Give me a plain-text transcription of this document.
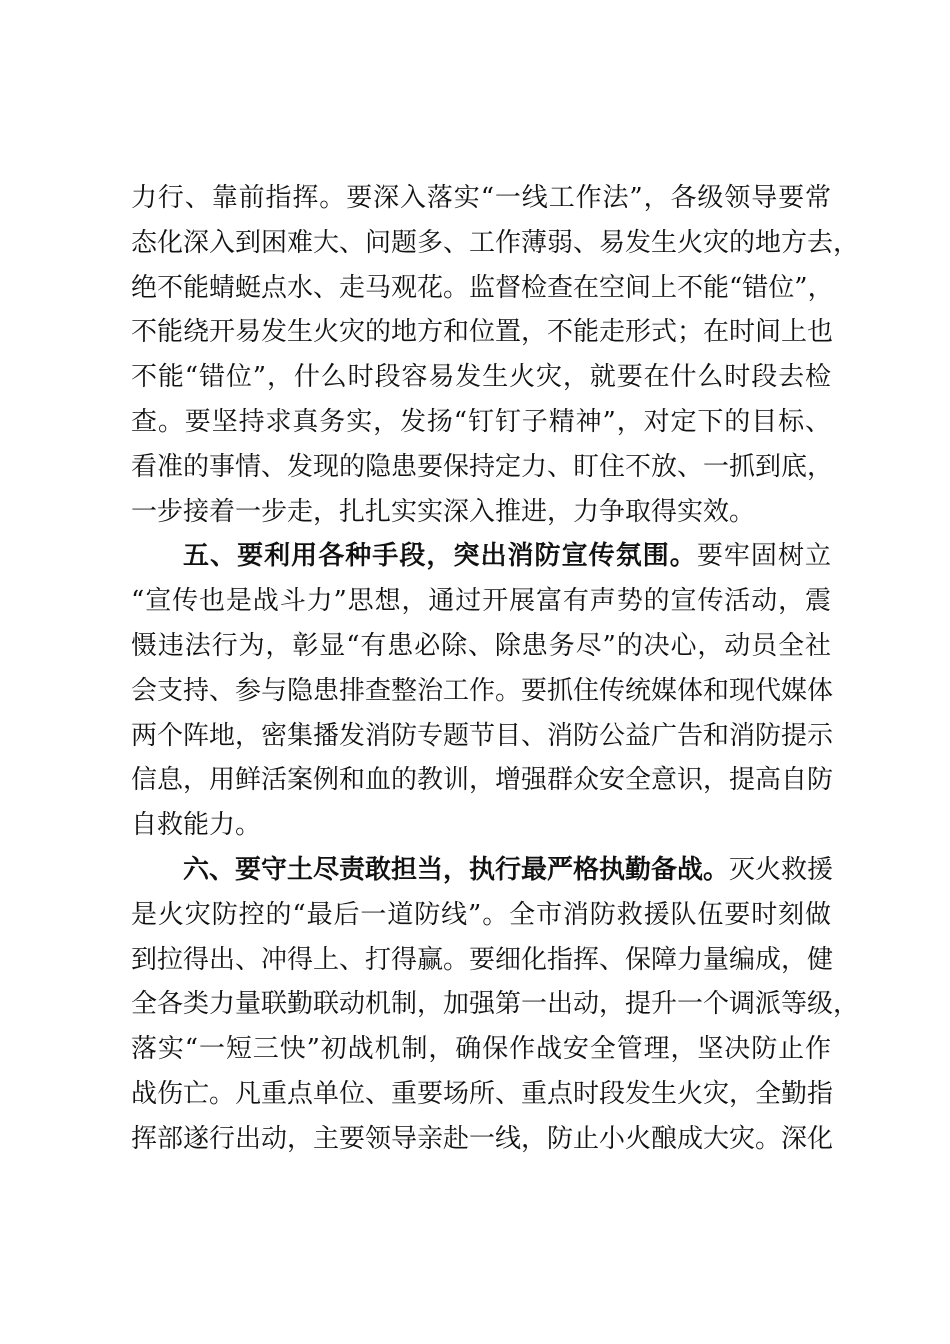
力行、靠前指挥。要深入落实“一线工作法”，各级领导要常
态化深入到困难大、问题多、工作薄弱、易发生火灾的地方去，
绝不能蜻蜓点水、走马观花。监督检查在空间上不能“错位”，
不能绕开易发生火灾的地方和位置，不能走形式；在时间上也
不能“错位”，什么时段容易发生火灾，就要在什么时段去检
查。要坚持求真务实，发扬“钉钉子精神”，对定下的目标、
看准的事情、发现的隐患要保持定力、盯住不放、一抓到底，
一步接着一步走，扎扎实实深入推进，力争取得实效。
五、要利用各种手段，突出消防宣传氛围。要牢固树立
“宣传也是战斗力”思想，通过开展富有声势的宣传活动，震
慑违法行为，彰显“有患必除、除患务尽”的决心，动员全社
会支持、参与隐患排查整治工作。要抓住传统媒体和现代媒体
两个阵地，密集播发消防专题节目、消防公益广告和消防提示
信息，用鲜活案例和血的教训，增强群众安全意识，提高自防
自救能力。
六、要守土尽责敢担当，执行最严格执勤备战。灭火救援
是火灾防控的“最后一道防线”。全市消防救援队伍要时刻做
到拉得出、冲得上、打得赢。要细化指挥、保障力量编成，健
全各类力量联勤联动机制，加强第一出动，提升一个调派等级，
落实“一短三快”初战机制，确保作战安全管理，坚决防止作
战伤亡。凡重点单位、重要场所、重点时段发生火灾，全勤指
挥部遂行出动，主要领导亲赴一线，防止小火酿成大灾。深化
